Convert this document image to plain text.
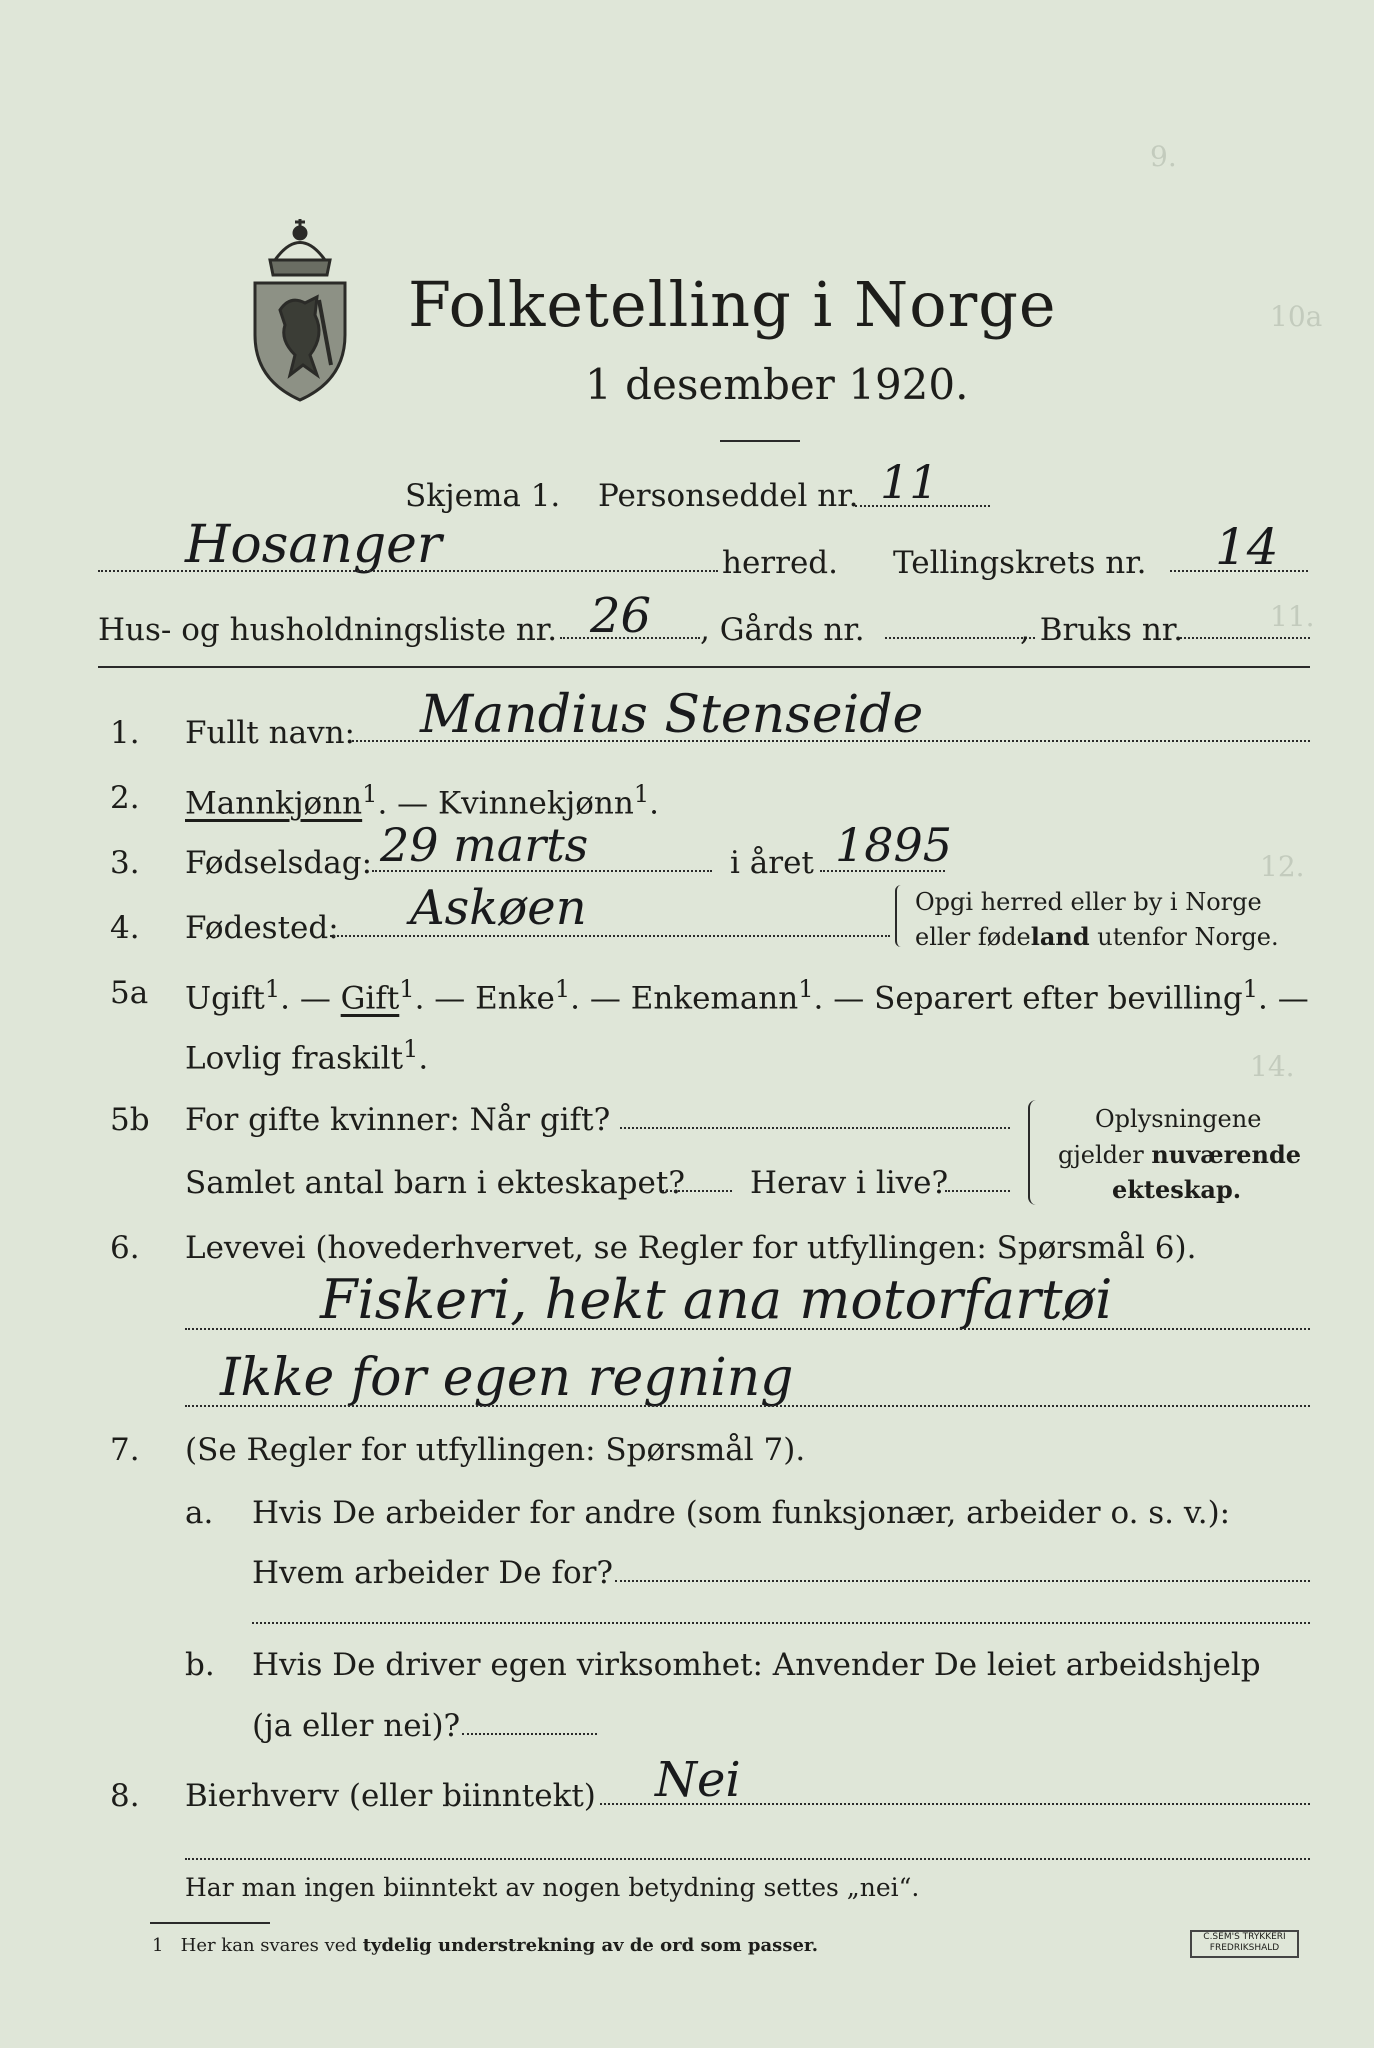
9.
10a
11.
12.
14.
Folketelling i Norge
1 desember 1920.
Skjema 1. Personseddel nr. 11
Hosanger	herred. Tellingskrets nr. 14
Hus- og husholdningsliste nr. 26 , Gårds nr.	, Bruks nr.
1. Fullt navn: Mandius Stenseide
2. Mannkjønn$^1$. — Kvinnekjønn$^1$.
3. Fødselsdag: 29 marts	i året 1895
4. Fødested: Askøen	Opgi herred eller by i Norge
eller fødeland utenfor Norge.
5a Ugift$^1$. — Gift$^1$. — Enke$^1$. — Enkemann$^1$. — Separert efter bevilling$^1$. —
Lovlig fraskilt$^1$.
5b For gifte kvinner: Når gift?
Samlet antal barn i ekteskapet? Herav i live?
Oplysningene
gjelder nuværende
ekteskap.
6. Levevei (hovederhvervet, se Regler for utfyllingen: Spørsmål 6).
Fiskeri, hekt ana motorfartøi
Ikke for egen regning
7. (Se Regler for utfyllingen: Spørsmål 7).
a. Hvis De arbeider for andre (som funksjonær, arbeider o. s. v.):
Hvem arbeider De for?
b. Hvis De driver egen virksomhet: Anvender De leiet arbeidshjelp
(ja eller nei)?
8. Bierhverv (eller biinntekt) Nei
Har man ingen biinntekt av nogen betydning settes „nei“.
1 Her kan svares ved tydelig understrekning av de ord som passer.	C.SEM'S TRYKKERI
FREDRIKSHALD
